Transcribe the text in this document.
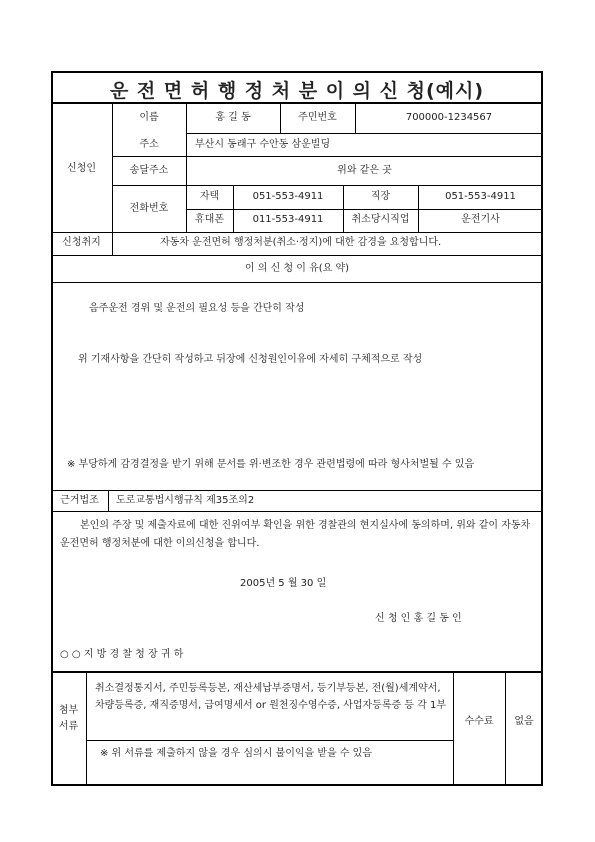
운 전 면 허 행 정 처 분 이 의 신 청(예시)
신청인
이름	홍 길 동	주민번호	700000-1234567
주소	부산시 동래구 수안동 삼운빌딩
송달주소	위와 같은 곳
전화번호
자택	051-553-4911	직장	051-553-4911
휴대폰	011-553-4911	취소당시직업	운전기사
신청취지	자동차 운전면허 행정처분(취소·정지)에 대한 감경을 요청합니다.
이 의 신 청 이 유(요 약)
음주운전 경위 및 운전의 필요성 등을 간단히 작성
위 기재사항을 간단히 작성하고 뒤장에 신청원인이유에 자세히 구체적으로 작성
※ 부당하게 감경결정을 받기 위해 문서를 위·변조한 경우 관련법령에 따라 형사처벌될 수 있음
근거법조	도로교통법시행규칙 제35조의2
본인의 주장 및 제출자료에 대한 진위여부 확인을 위한 경찰관의 현지실사에 동의하며, 위와 같이 자동차 운전면허 행정처분에 대한 이의신청을 합니다.
2005년 5 월 30 일
신 청 인 홍 길 동 인
○ ○ 지 방 경 찰 청 장 귀 하
첨부서류
취소결정통지서, 주민등록등본, 재산세납부증명서, 등기부등본, 전(월)세계약서, 차량등록증, 재직증명서, 급여명세서 or 원천징수영수증, 사업자등록증 등 각 1부
※ 위 서류를 제출하지 않을 경우 심의시 불이익을 받을 수 있음
수수료	없음
